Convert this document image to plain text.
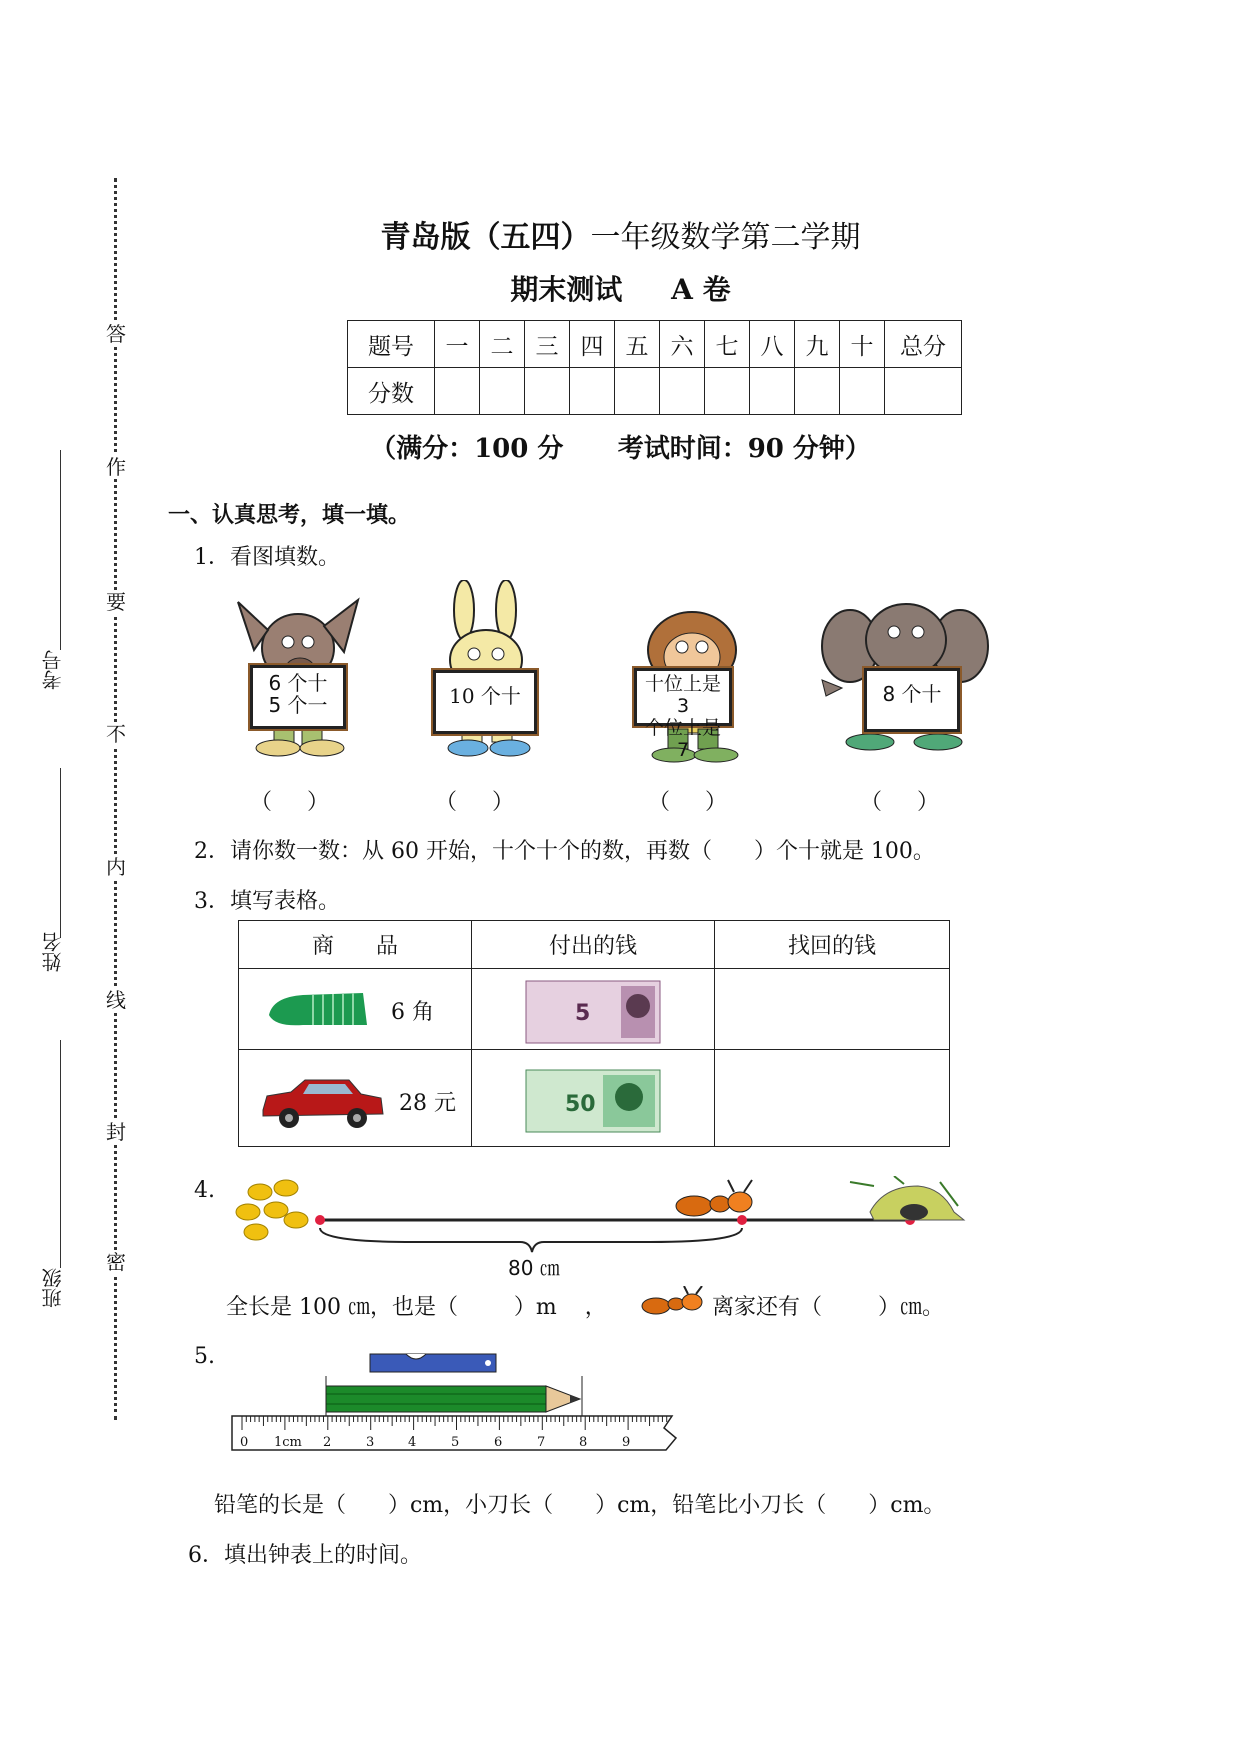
答
作
要
不
内
线
封
密
考号
姓名
班级
青岛版（五四）一年级数学第二学期
期末测试     A 卷
题号	一	二	三	四	五	六	七	八	九	十	总分
分数											
（满分：100 分      考试时间：90 分钟）
一、认真思考，填一填。
1．看图填数。
6 个十
5 个一	10 个十	十位上是 3
个位上是 7
8 个十
（     ）	（     ）	（     ）	（     ）
2．请你数一数：从 60 开始，十个十个的数，再数（      ）个十就是 100。
3．填写表格。
商      品	付出的钱	找回的钱

6 角	5	

28 元	50	

4.
80 ㎝
全长是 100 ㎝，也是（        ）m    ，	离家还有（        ）㎝。
5.
0 1cm 2	3	4	5	6	7	8	9
铅笔的长是（      ）cm，小刀长（      ）cm，铅笔比小刀长（      ）cm。
6．填出钟表上的时间。
